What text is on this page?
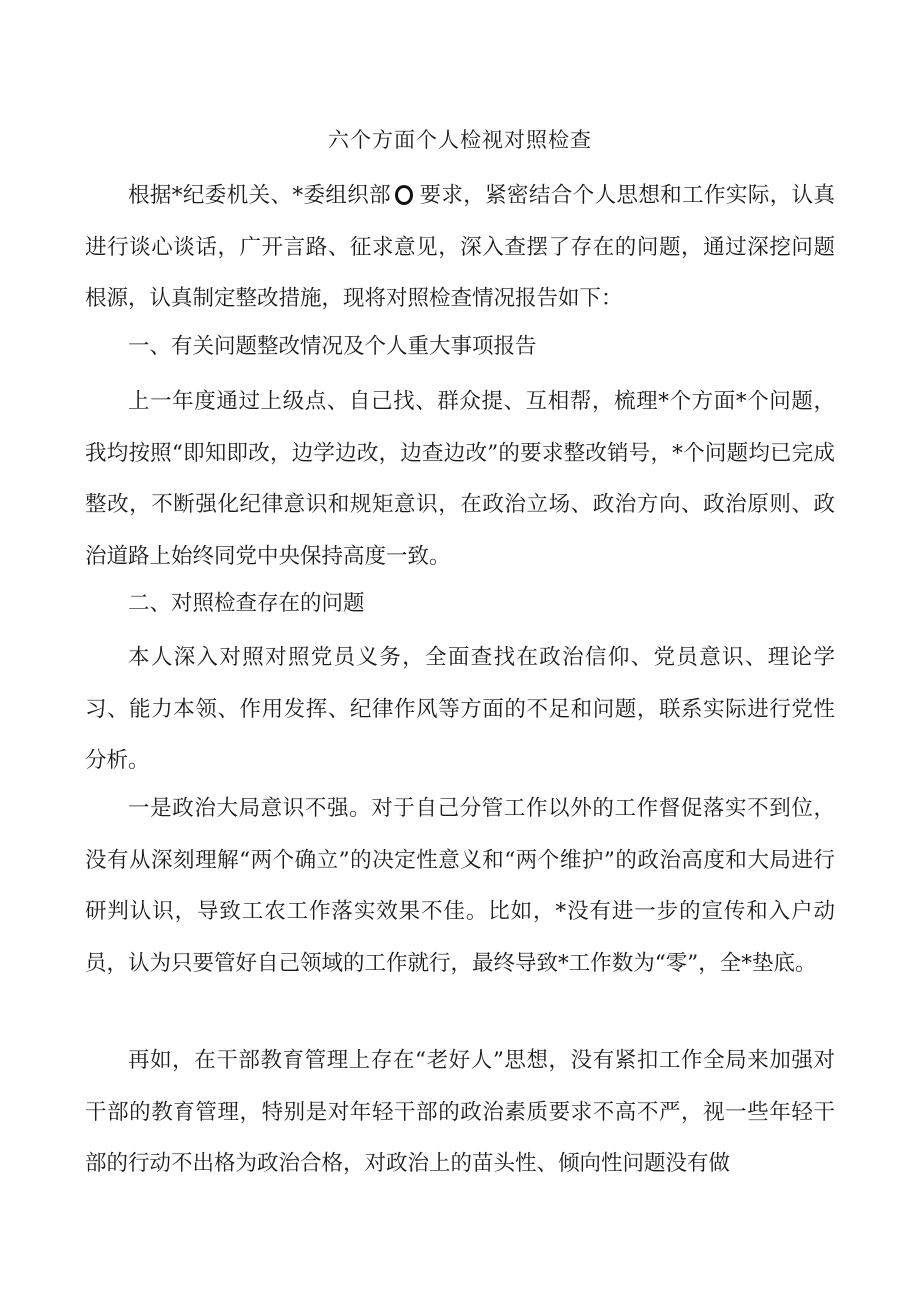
六个方面个人检视对照检查

根据*纪委机关、*委组织部 ○ 要求，紧密结合个人思想和工作实际，认真进行谈心谈话，广开言路、征求意见，深入查摆了存在的问题，通过深挖问题根源，认真制定整改措施，现将对照检查情况报告如下：

一、有关问题整改情况及个人重大事项报告

上一年度通过上级点、自己找、群众提、互相帮，梳理*个方面*个问题，我均按照“即知即改，边学边改，边查边改”的要求整改销号，*个问题均已完成整改，不断强化纪律意识和规矩意识，在政治立场、政治方向、政治原则、政治道路上始终同党中央保持高度一致。

二、对照检查存在的问题

本人深入对照对照党员义务，全面查找在政治信仰、党员意识、理论学习、能力本领、作用发挥、纪律作风等方面的不足和问题，联系实际进行党性分析。

一是政治大局意识不强。对于自己分管工作以外的工作督促落实不到位，没有从深刻理解“两个确立”的决定性意义和“两个维护”的政治高度和大局进行研判认识，导致工农工作落实效果不佳。比如，*没有进一步的宣传和入户动员，认为只要管好自己领域的工作就行，最终导致*工作数为“零”，全*垫底。

再如，在干部教育管理上存在“老好人”思想，没有紧扣工作全局来加强对干部的教育管理，特别是对年轻干部的政治素质要求不高不严，视一些年轻干部的行动不出格为政治合格，对政治上的苗头性、倾向性问题没有做
